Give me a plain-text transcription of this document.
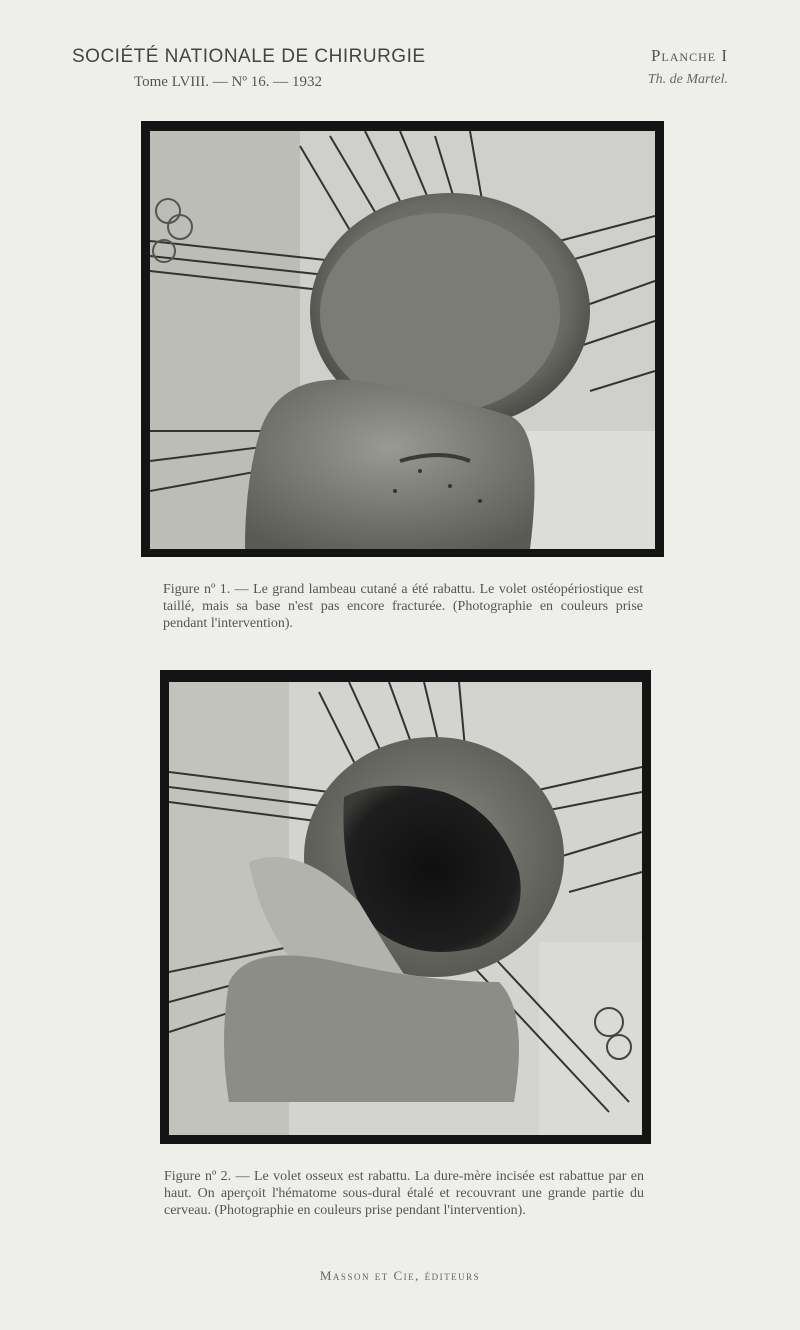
SOCIÉTÉ NATIONALE DE CHIRURGIE
Tome LVIII. — Nº 16. — 1932
Planche I
Th. de Martel.
Figure nº 1. — Le grand lambeau cutané a été rabattu. Le volet ostéopériostique est taillé, mais sa base n'est pas encore fracturée. (Photographie en couleurs prise pendant l'intervention).
Figure nº 2. — Le volet osseux est rabattu. La dure-mère incisée est rabattue par en haut. On aperçoit l'hématome sous-dural étalé et recouvrant une grande partie du cerveau. (Photographie en couleurs prise pendant l'intervention).
Masson et Cie, éditeurs
